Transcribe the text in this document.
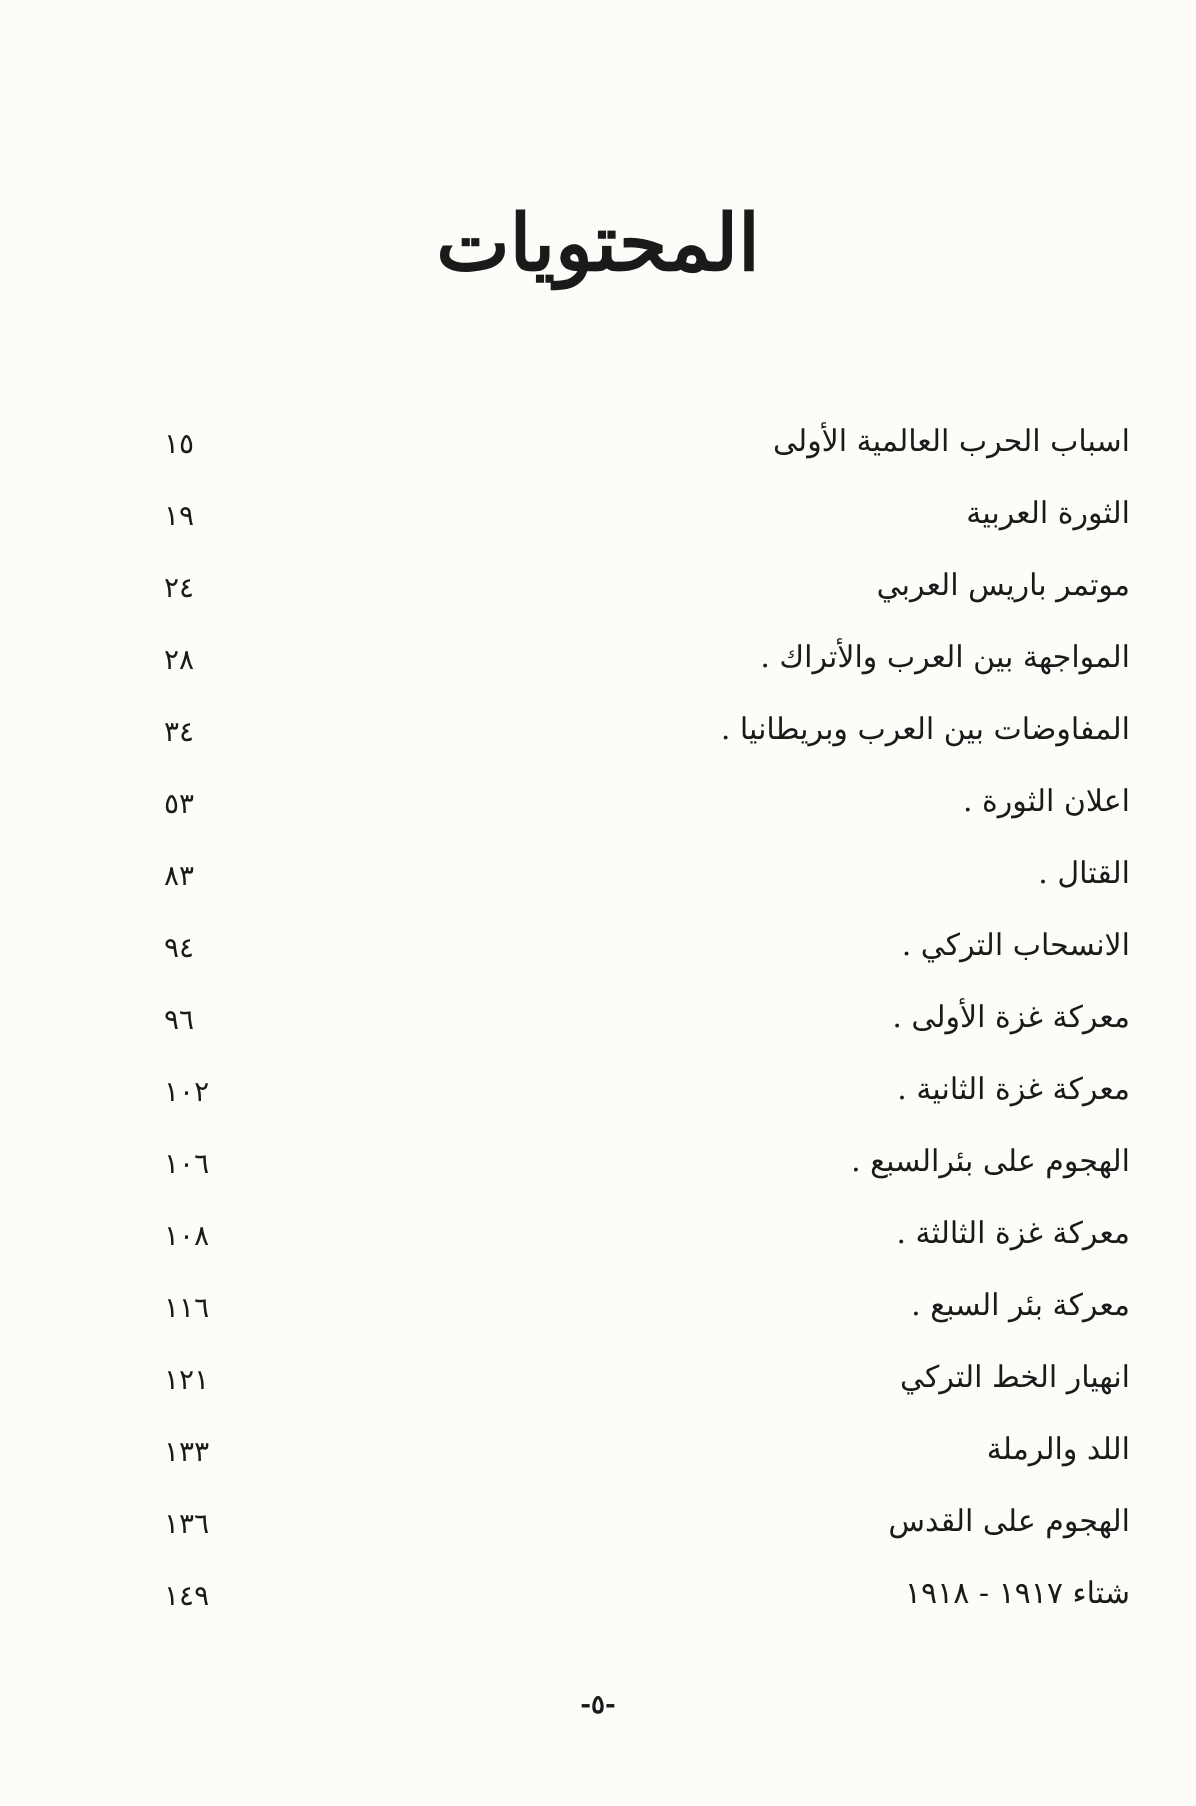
المحتويات
اسباب الحرب العالمية الأولى
١٥
الثورة العربية
١٩
موتمر باريس العربي
٢٤
المواجهة بين العرب والأتراك .
٢٨
المفاوضات بين العرب وبريطانيا .
٣٤
اعلان الثورة .
٥٣
القتال .
٨٣
الانسحاب التركي .
٩٤
معركة غزة الأولى .
٩٦
معركة غزة الثانية .
١٠٢
الهجوم على بئرالسبع .
١٠٦
معركة غزة الثالثة .
١٠٨
معركة بئر السبع .
١١٦
انهيار الخط التركي
١٢١
اللد والرملة
١٣٣
الهجوم على القدس
١٣٦
شتاء ١٩١٧ - ١٩١٨
١٤٩
-٥-
